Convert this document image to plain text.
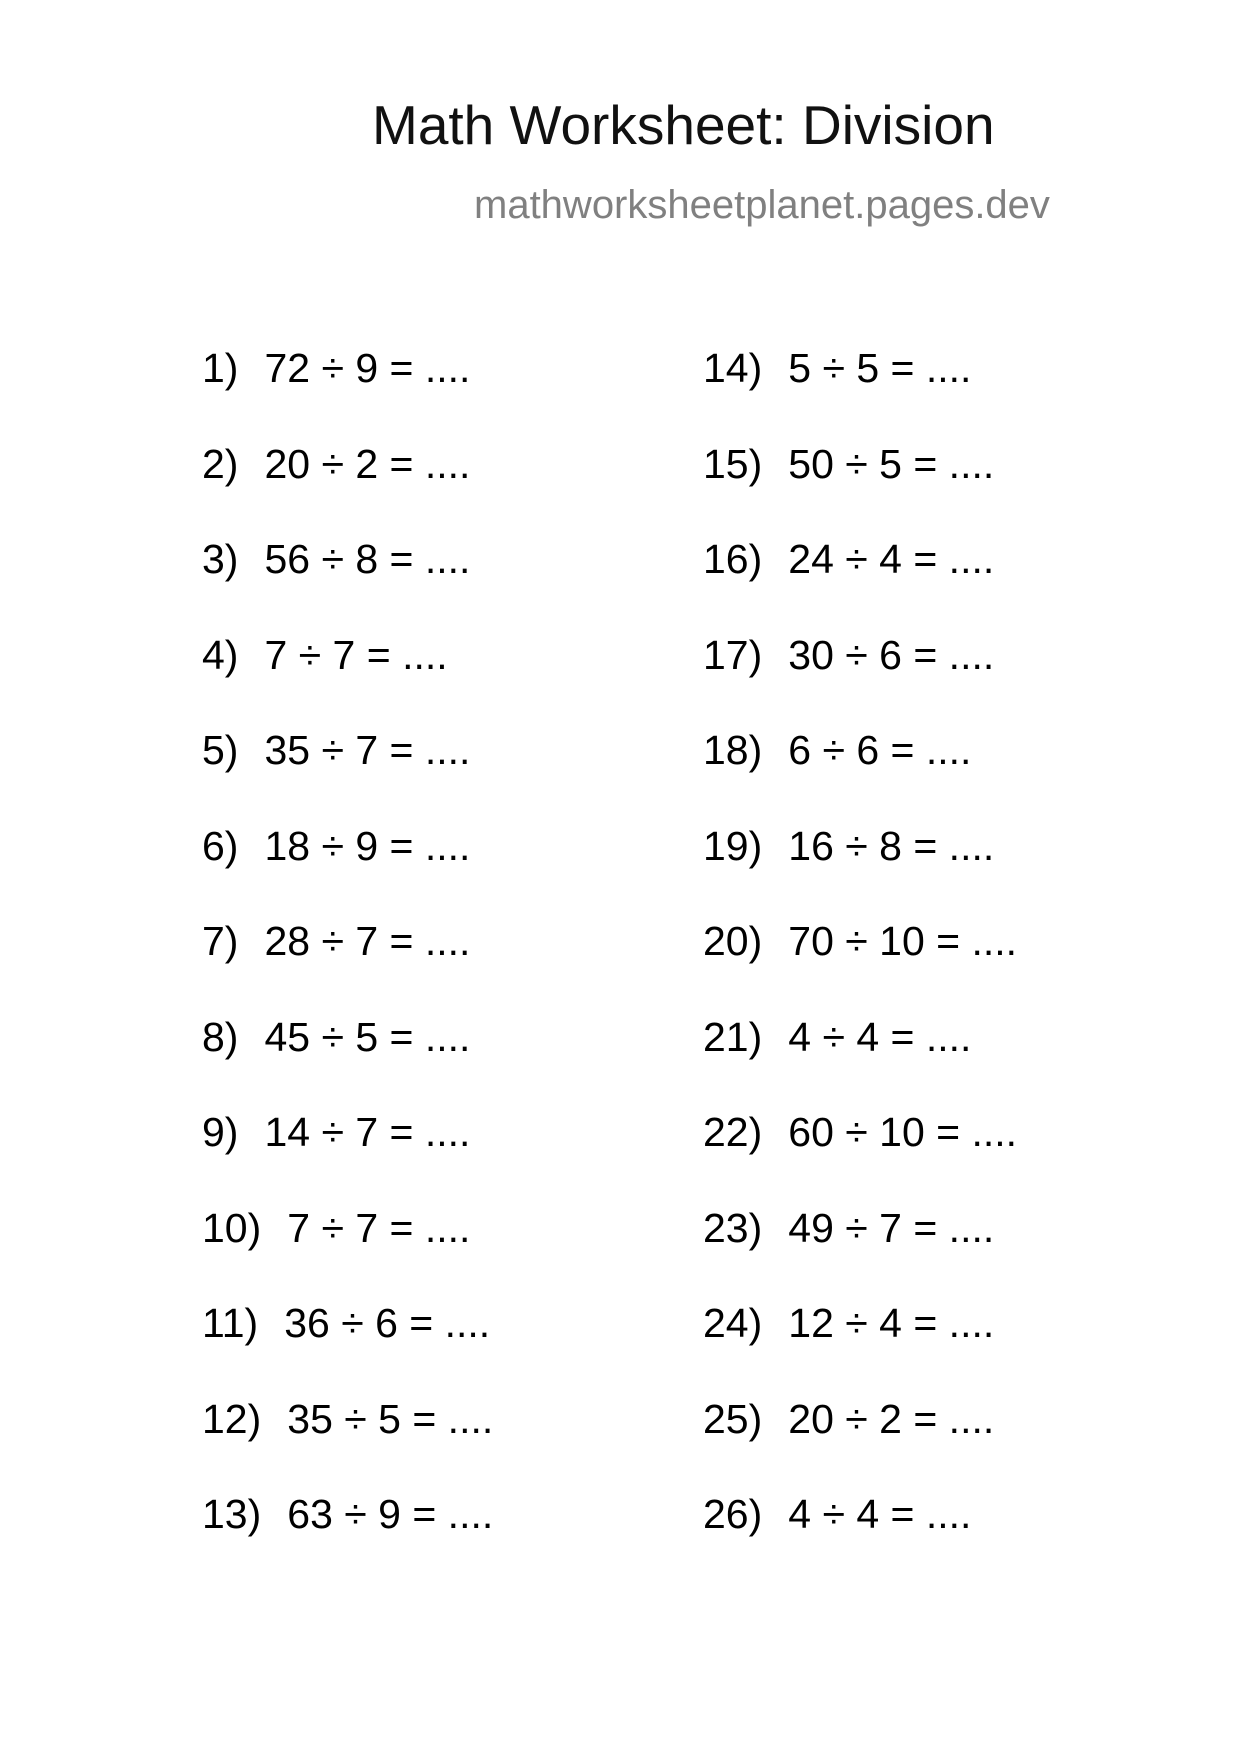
Math Worksheet: Division
mathworksheetplanet.pages.dev
1) 72 ÷ 9 = ....
2) 20 ÷ 2 = ....
3) 56 ÷ 8 = ....
4) 7 ÷ 7 = ....
5) 35 ÷ 7 = ....
6) 18 ÷ 9 = ....
7) 28 ÷ 7 = ....
8) 45 ÷ 5 = ....
9) 14 ÷ 7 = ....
10) 7 ÷ 7 = ....
11) 36 ÷ 6 = ....
12) 35 ÷ 5 = ....
13) 63 ÷ 9 = ....
14) 5 ÷ 5 = ....
15) 50 ÷ 5 = ....
16) 24 ÷ 4 = ....
17) 30 ÷ 6 = ....
18) 6 ÷ 6 = ....
19) 16 ÷ 8 = ....
20) 70 ÷ 10 = ....
21) 4 ÷ 4 = ....
22) 60 ÷ 10 = ....
23) 49 ÷ 7 = ....
24) 12 ÷ 4 = ....
25) 20 ÷ 2 = ....
26) 4 ÷ 4 = ....
